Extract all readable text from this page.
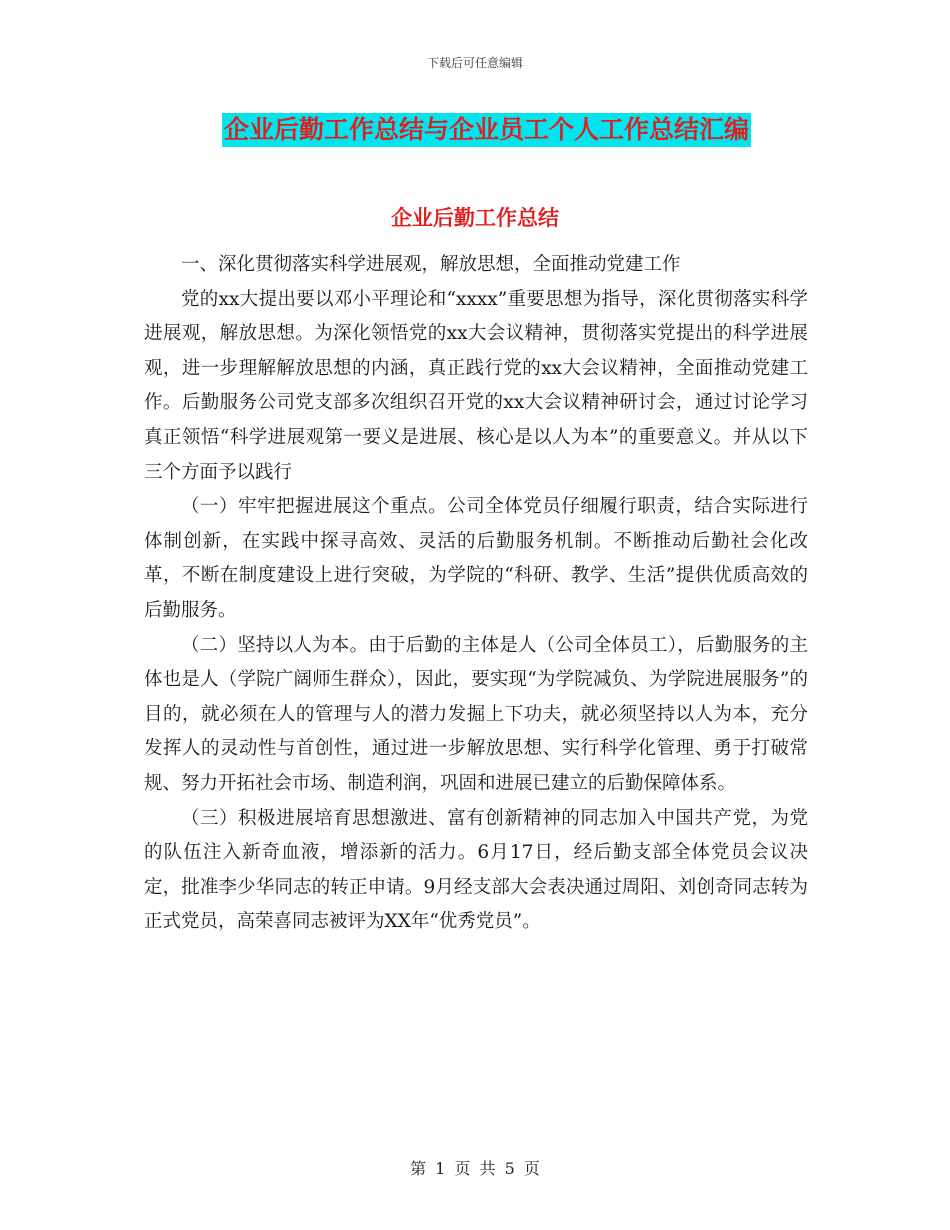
下载后可任意编辑
企业后勤工作总结与企业员工个人工作总结汇编
企业后勤工作总结

一、深化贯彻落实科学进展观，解放思想，全面推动党建工作

党的xx大提出要以邓小平理论和“xxxx”重要思想为指导，深化贯彻落实科学进展观，解放思想。为深化领悟党的xx大会议精神，贯彻落实党提出的科学进展观，进一步理解解放思想的内涵，真正践行党的xx大会议精神，全面推动党建工作。后勤服务公司党支部多次组织召开党的xx大会议精神研讨会，通过讨论学习真正领悟“科学进展观第一要义是进展、核心是以人为本”的重要意义。并从以下三个方面予以践行

（一）牢牢把握进展这个重点。公司全体党员仔细履行职责，结合实际进行体制创新，在实践中探寻高效、灵活的后勤服务机制。不断推动后勤社会化改革，不断在制度建设上进行突破，为学院的“科研、教学、生活”提供优质高效的后勤服务。

（二）坚持以人为本。由于后勤的主体是人（公司全体员工），后勤服务的主体也是人（学院广阔师生群众），因此，要实现“为学院减负、为学院进展服务”的目的，就必须在人的管理与人的潜力发掘上下功夫，就必须坚持以人为本，充分发挥人的灵动性与首创性，通过进一步解放思想、实行科学化管理、勇于打破常规、努力开拓社会市场、制造利润，巩固和进展已建立的后勤保障体系。

（三）积极进展培育思想激进、富有创新精神的同志加入中国共产党，为党的队伍注入新奇血液，增添新的活力。6月17日，经后勤支部全体党员会议决定，批准李少华同志的转正申请。9月经支部大会表决通过周阳、刘创奇同志转为正式党员，高荣喜同志被评为XX年“优秀党员”。

第 1 页 共 5 页
